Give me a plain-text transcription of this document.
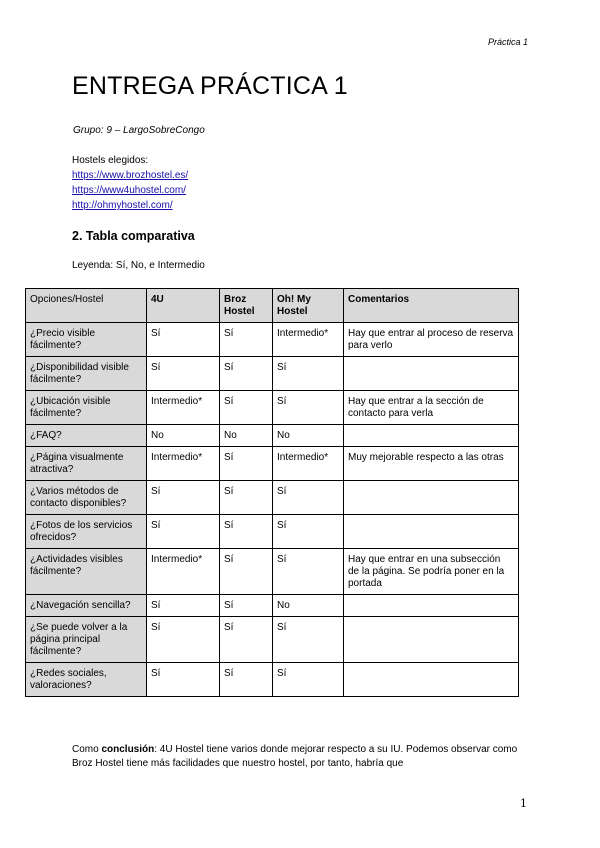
Práctica 1
ENTREGA PRÁCTICA 1
Grupo: 9 – LargoSobreCongo
Hostels elegidos:
https://www.brozhostel.es/
https://www4uhostel.com/
http://ohmyhostel.com/
2. Tabla comparativa
Leyenda: Sí, No, e Intermedio
Opciones/Hostel	4U	Broz Hostel	Oh! My Hostel	Comentarios
¿Precio visible fácilmente?	Sí	Sí	Intermedio*	Hay que entrar al proceso de reserva para verlo
¿Disponibilidad visible fácilmente?	Sí	Sí	Sí	
¿Ubicación visible fácilmente?	Intermedio*	Sí	Sí	Hay que entrar a la sección de contacto para verla
¿FAQ?	No	No	No	
¿Página visualmente atractiva?	Intermedio*	Sí	Intermedio*	Muy mejorable respecto a las otras
¿Varios métodos de contacto disponibles?	Sí	Sí	Sí	
¿Fotos de los servicios ofrecidos?	Sí	Sí	Sí	
¿Actividades visibles fácilmente?	Intermedio*	Sí	Sí	Hay que entrar en una subsección de la página. Se podría poner en la portada
¿Navegación sencilla?	Sí	Sí	No	
¿Se puede volver a la página principal fácilmente?	Sí	Sí	Sí	
¿Redes sociales, valoraciones?	Sí	Sí	Sí	
Como conclusión: 4U Hostel tiene varios donde mejorar respecto a su IU. Podemos observar como Broz Hostel tiene más facilidades que nuestro hostel, por tanto, habría que
1
